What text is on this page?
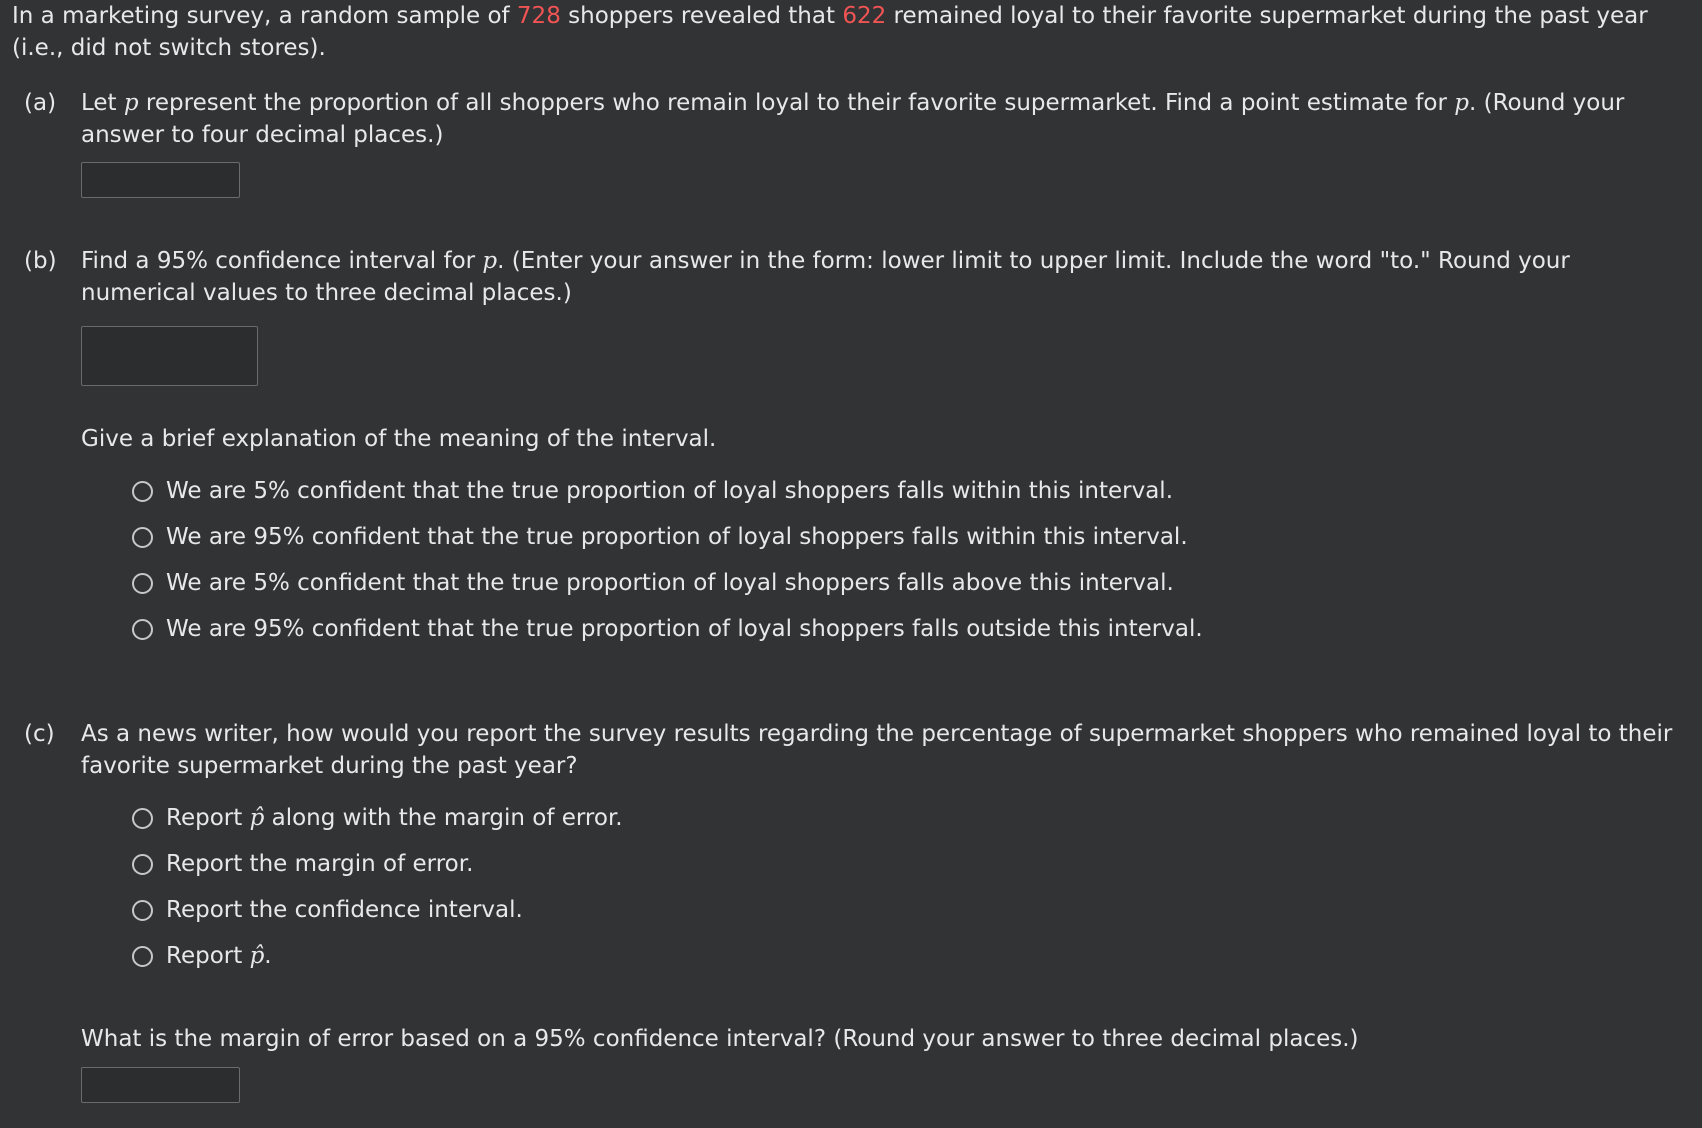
In a marketing survey, a random sample of 728 shoppers revealed that 622 remained loyal to their favorite supermarket during the past year
(i.e., did not switch stores).
(a) Let p represent the proportion of all shoppers who remain loyal to their favorite supermarket. Find a point estimate for p. (Round your
answer to four decimal places.)
(b) Find a 95% confidence interval for p. (Enter your answer in the form: lower limit to upper limit. Include the word "to." Round your
numerical values to three decimal places.)
Give a brief explanation of the meaning of the interval.
We are 5% confident that the true proportion of loyal shoppers falls within this interval.
We are 95% confident that the true proportion of loyal shoppers falls within this interval.
We are 5% confident that the true proportion of loyal shoppers falls above this interval.
We are 95% confident that the true proportion of loyal shoppers falls outside this interval.
(c) As a news writer, how would you report the survey results regarding the percentage of supermarket shoppers who remained loyal to their
favorite supermarket during the past year?
Report p̂ along with the margin of error.
Report the margin of error.
Report the confidence interval.
Report p̂.
What is the margin of error based on a 95% confidence interval? (Round your answer to three decimal places.)
